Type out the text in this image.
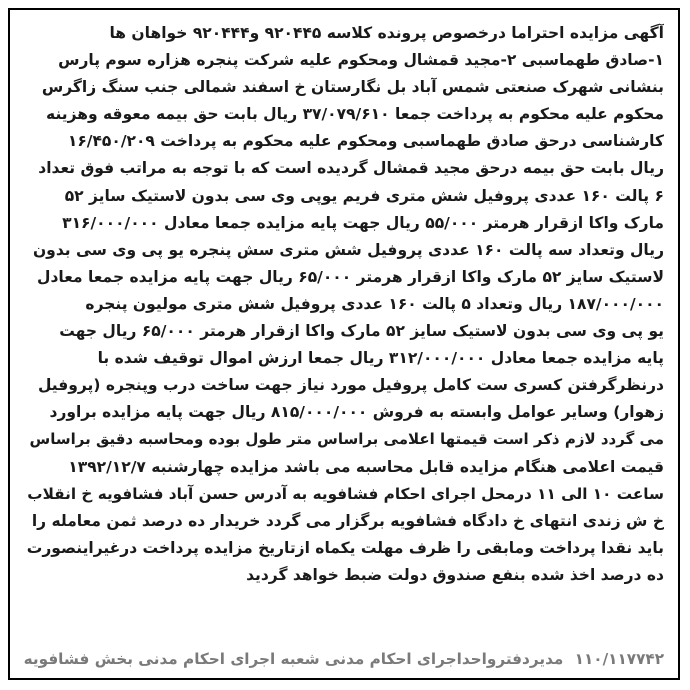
آگهی مزایده احتراما درخصوص پرونده کلاسه ۹۲۰۴۴۵ و۹۲۰۴۴۴ خواهان ها
۱-صادق طهماسبی ۲-مجید قمشال ومحکوم علیه شرکت پنجره هزاره سوم پارس
بنشانی شهرک صنعتی شمس آباد بل نگارستان خ اسفند شمالی جنب سنگ زاگرس
محکوم علیه محکوم به پرداخت جمعا ۳۷/۰۷۹/۶۱۰ ریال بابت حق بیمه معوقه وهزینه
کارشناسی درحق صادق طهماسبی ومحکوم علیه محکوم به پرداخت ۱۶/۴۵۰/۲۰۹
ریال بابت حق بیمه درحق مجید قمشال گردیده است که با توجه به مراتب فوق تعداد
۶ پالت ۱۶۰ عددی پروفیل شش متری فریم یوپی وی سی بدون لاستیک سایز ۵۲
مارک واکا ازقرار هرمتر ۵۵/۰۰۰ ریال جهت پایه مزایده جمعا معادل ۳۱۶/۰۰۰/۰۰۰
ریال وتعداد سه پالت ۱۶۰ عددی پروفیل شش متری سش پنجره یو پی وی سی بدون
لاستیک سایز ۵۲ مارک واکا ازقرار هرمتر ۶۵/۰۰۰ ریال جهت پایه مزایده جمعا معادل
۱۸۷/۰۰۰/۰۰۰ ریال وتعداد ۵ پالت ۱۶۰ عددی پروفیل شش متری مولیون پنجره
یو پی وی سی بدون لاستیک سایز ۵۲ مارک واکا ازقرار هرمتر ۶۵/۰۰۰ ریال جهت
پایه مزایده جمعا معادل ۳۱۲/۰۰۰/۰۰۰ ریال جمعا ارزش اموال توقیف شده با
درنظرگرفتن کسری ست کامل پروفیل مورد نیاز جهت ساخت درب وپنجره (پروفیل
زهوار) وسایر عوامل وابسته به فروش ۸۱۵/۰۰۰/۰۰۰ ریال جهت پایه مزایده براورد
می گردد لازم ذکر است قیمتها اعلامی براساس متر طول بوده ومحاسبه دقیق براساس
قیمت اعلامی هنگام مزایده قابل محاسبه می باشد مزایده چهارشنبه ۱۳۹۲/۱۲/۷
ساعت ۱۰ الی ۱۱ درمحل اجرای احکام فشافویه به آدرس حسن آباد فشافویه خ انقلاب
خ ش زندی انتهای خ دادگاه فشافویه برگزار می گردد خریدار ده درصد ثمن معامله را
باید نقدا پرداخت ومابقی را ظرف مهلت یکماه ازتاریخ مزایده پرداخت درغیراینصورت
ده درصد اخذ شده بنفع صندوق دولت ضبط خواهد گردید
۱۱۰/۱۱۷۷۴۲ مدیردفترواحداجرای احکام مدنی شعبه اجرای احکام مدنی بخش فشافویه
